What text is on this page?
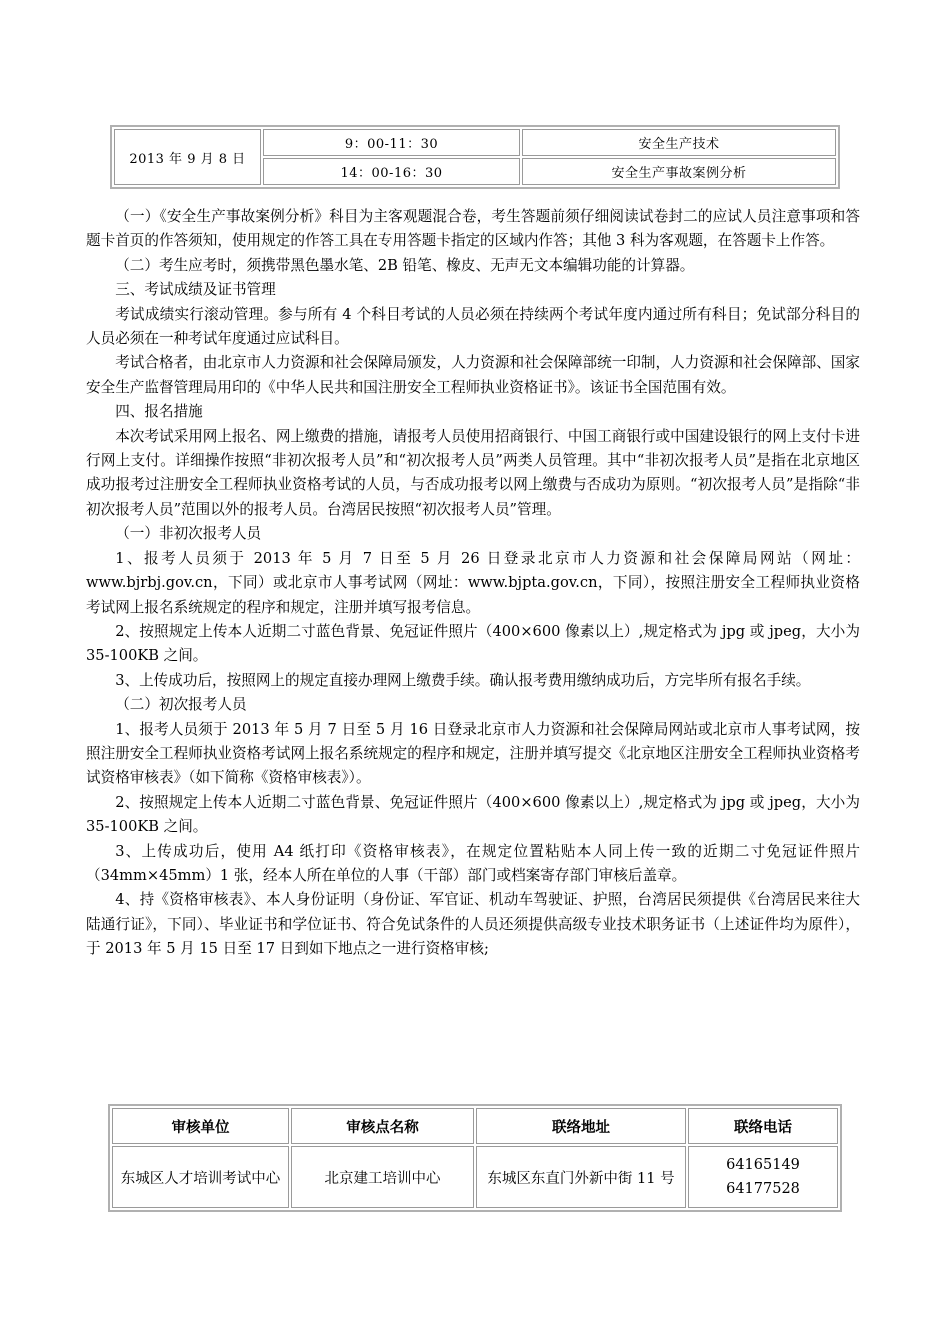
2013 年 9 月 8 日	9：00-11：30	安全生产技术
	14：00-16：30	安全生产事故案例分析

（一）《安全生产事故案例分析》科目为主客观题混合卷，考生答题前须仔细阅读试卷封二的应试人员注意事项和答题卡首页的作答须知，使用规定的作答工具在专用答题卡指定的区域内作答；其他 3 科为客观题，在答题卡上作答。

（二）考生应考时，须携带黑色墨水笔、2B 铅笔、橡皮、无声无文本编辑功能的计算器。

三、考试成绩及证书管理

考试成绩实行滚动管理。参与所有 4 个科目考试的人员必须在持续两个考试年度内通过所有科目；免试部分科目的人员必须在一种考试年度通过应试科目。

考试合格者，由北京市人力资源和社会保障局颁发，人力资源和社会保障部统一印制，人力资源和社会保障部、国家安全生产监督管理局用印的《中华人民共和国注册安全工程师执业资格证书》。该证书全国范围有效。

四、报名措施

本次考试采用网上报名、网上缴费的措施，请报考人员使用招商银行、中国工商银行或中国建设银行的网上支付卡进行网上支付。详细操作按照“非初次报考人员”和“初次报考人员”两类人员管理。其中“非初次报考人员”是指在北京地区成功报考过注册安全工程师执业资格考试的人员，与否成功报考以网上缴费与否成功为原则。“初次报考人员”是指除“非初次报考人员”范围以外的报考人员。台湾居民按照“初次报考人员”管理。

（一）非初次报考人员

1、报考人员须于 2013 年 5 月 7 日至 5 月 26 日登录北京市人力资源和社会保障局网站（网址：www.bjrbj.gov.cn，下同）或北京市人事考试网（网址：www.bjpta.gov.cn，下同），按照注册安全工程师执业资格考试网上报名系统规定的程序和规定，注册并填写报考信息。

2、按照规定上传本人近期二寸蓝色背景、免冠证件照片（400×600 像素以上）,规定格式为 jpg 或 jpeg，大小为 35-100KB 之间。

3、上传成功后，按照网上的规定直接办理网上缴费手续。确认报考费用缴纳成功后，方完毕所有报名手续。

（二）初次报考人员

1、报考人员须于 2013 年 5 月 7 日至 5 月 16 日登录北京市人力资源和社会保障局网站或北京市人事考试网，按照注册安全工程师执业资格考试网上报名系统规定的程序和规定，注册并填写提交《北京地区注册安全工程师执业资格考试资格审核表》（如下简称《资格审核表》）。

2、按照规定上传本人近期二寸蓝色背景、免冠证件照片（400×600 像素以上）,规定格式为 jpg 或 jpeg，大小为 35-100KB 之间。

3、上传成功后，使用 A4 纸打印《资格审核表》，在规定位置粘贴本人同上传一致的近期二寸免冠证件照片（34mm×45mm）1 张，经本人所在单位的人事（干部）部门或档案寄存部门审核后盖章。

4、持《资格审核表》、本人身份证明（身份证、军官证、机动车驾驶证、护照，台湾居民须提供《台湾居民来往大陆通行证》，下同）、毕业证书和学位证书、符合免试条件的人员还须提供高级专业技术职务证书（上述证件均为原件），于 2013 年 5 月 15 日至 17 日到如下地点之一进行资格审核;

审核单位	审核点名称	联络地址	联络电话
东城区人才培训考试中心	北京建工培训中心	东城区东直门外新中街 11 号	64165149
64177528
